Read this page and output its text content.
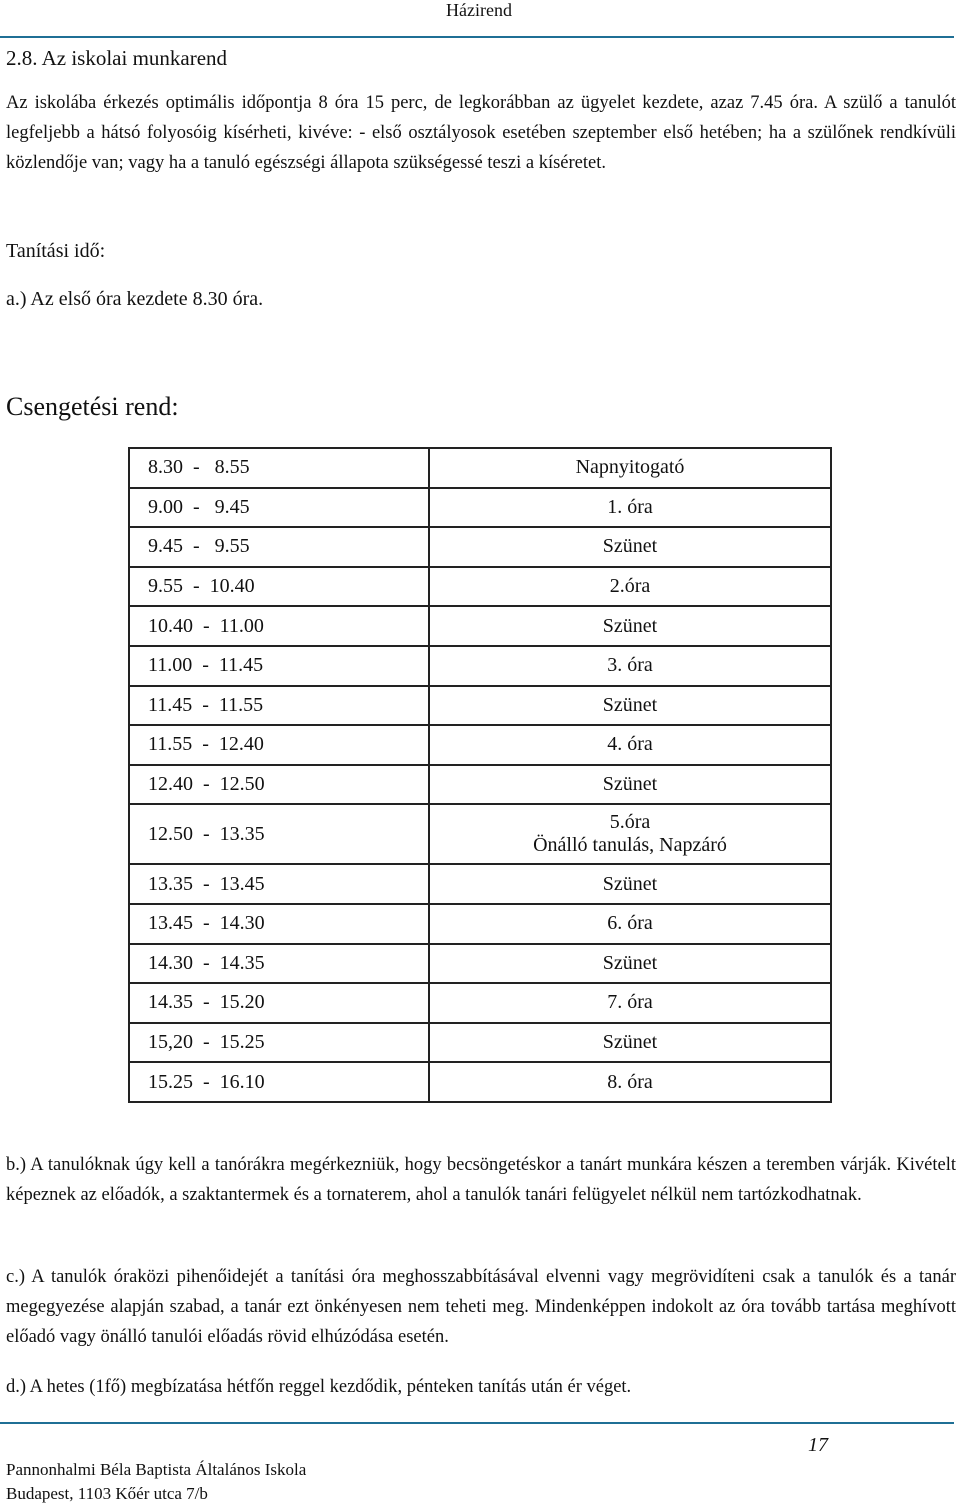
Házirend
2.8. Az iskolai munkarend

Az iskolába érkezés optimális időpontja 8 óra 15 perc, de legkorábban az ügyelet kezdete, azaz 7.45 óra. A szülő a tanulót legfeljebb a hátsó folyosóig kísérheti, kivéve: - első osztályosok esetében szeptember első hetében; ha a szülőnek rendkívüli közlendője van; vagy ha a tanuló egészségi állapota szükségessé teszi a kíséretet.

Tanítási idő:
a.) Az első óra kezdete 8.30 óra.
Csengetési rend:
8.30  -   8.55	Napnyitogató

9.00  -   9.45	1. óra

9.45  -   9.55	Szünet

9.55  -  10.40	2.óra

10.40  -  11.00	Szünet

11.00  -  11.45	3. óra

11.45  -  11.55	Szünet

11.55  -  12.40	4. óra

12.40  -  12.50	Szünet

12.50  -  13.35	5.óra
Önálló tanulás, Napzáró

13.35  -  13.45	Szünet

13.45  -  14.30	6. óra

14.30  -  14.35	Szünet

14.35  -  15.20	7. óra

15,20  -  15.25	Szünet

15.25  -  16.10	8. óra

b.) A tanulóknak úgy kell a tanórákra megérkezniük, hogy becsöngetéskor a tanárt munkára készen a teremben várják. Kivételt képeznek az előadók, a szaktantermek és a tornaterem, ahol a tanulók tanári felügyelet nélkül nem tartózkodhatnak.

c.) A tanulók óraközi pihenőidejét a tanítási óra meghosszabbításával elvenni vagy megrövidíteni csak a tanulók és a tanár megegyezése alapján szabad, a tanár ezt önkényesen nem teheti meg. Mindenképpen indokolt az óra tovább tartása meghívott előadó vagy önálló tanulói előadás rövid elhúzódása esetén.

d.) A hetes (1fő) megbízatása hétfőn reggel kezdődik, pénteken tanítás után ér véget.

17
Pannonhalmi Béla Baptista Általános Iskola
Budapest, 1103 Kőér utca 7/b
